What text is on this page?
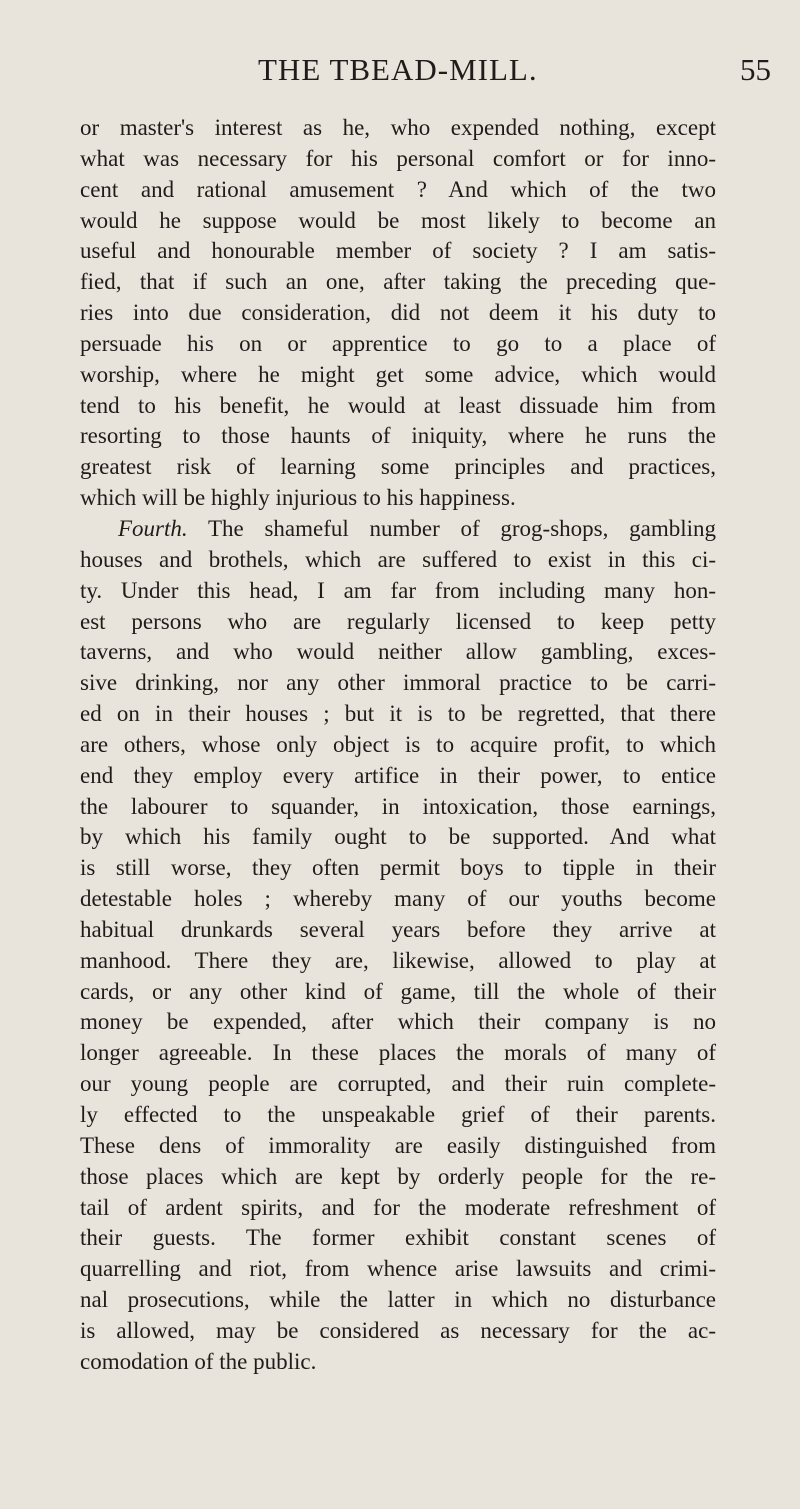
THE TBEAD-MILL.	55
or master's interest as he, who expended nothing, except
what was necessary for his personal comfort or for inno-
cent and rational amusement ? And which of the two
would he suppose would be most likely to become an
useful and honourable member of society ? I am satis-
fied, that if such an one, after taking the preceding que-
ries into due consideration, did not deem it his duty to
persuade his on or apprentice to go to a place of
worship, where he might get some advice, which would
tend to his benefit, he would at least dissuade him from
resorting to those haunts of iniquity, where he runs the
greatest risk of learning some principles and practices,
which will be highly injurious to his happiness.
Fourth. The shameful number of grog-shops, gambling
houses and brothels, which are suffered to exist in this ci-
ty. Under this head, I am far from including many hon-
est persons who are regularly licensed to keep petty
taverns, and who would neither allow gambling, exces-
sive drinking, nor any other immoral practice to be carri-
ed on in their houses ; but it is to be regretted, that there
are others, whose only object is to acquire profit, to which
end they employ every artifice in their power, to entice
the labourer to squander, in intoxication, those earnings,
by which his family ought to be supported. And what
is still worse, they often permit boys to tipple in their
detestable holes ; whereby many of our youths become
habitual drunkards several years before they arrive at
manhood. There they are, likewise, allowed to play at
cards, or any other kind of game, till the whole of their
money be expended, after which their company is no
longer agreeable. In these places the morals of many of
our young people are corrupted, and their ruin complete-
ly effected to the unspeakable grief of their parents.
These dens of immorality are easily distinguished from
those places which are kept by orderly people for the re-
tail of ardent spirits, and for the moderate refreshment of
their guests. The former exhibit constant scenes of
quarrelling and riot, from whence arise lawsuits and crimi-
nal prosecutions, while the latter in which no disturbance
is allowed, may be considered as necessary for the ac-
comodation of the public.
